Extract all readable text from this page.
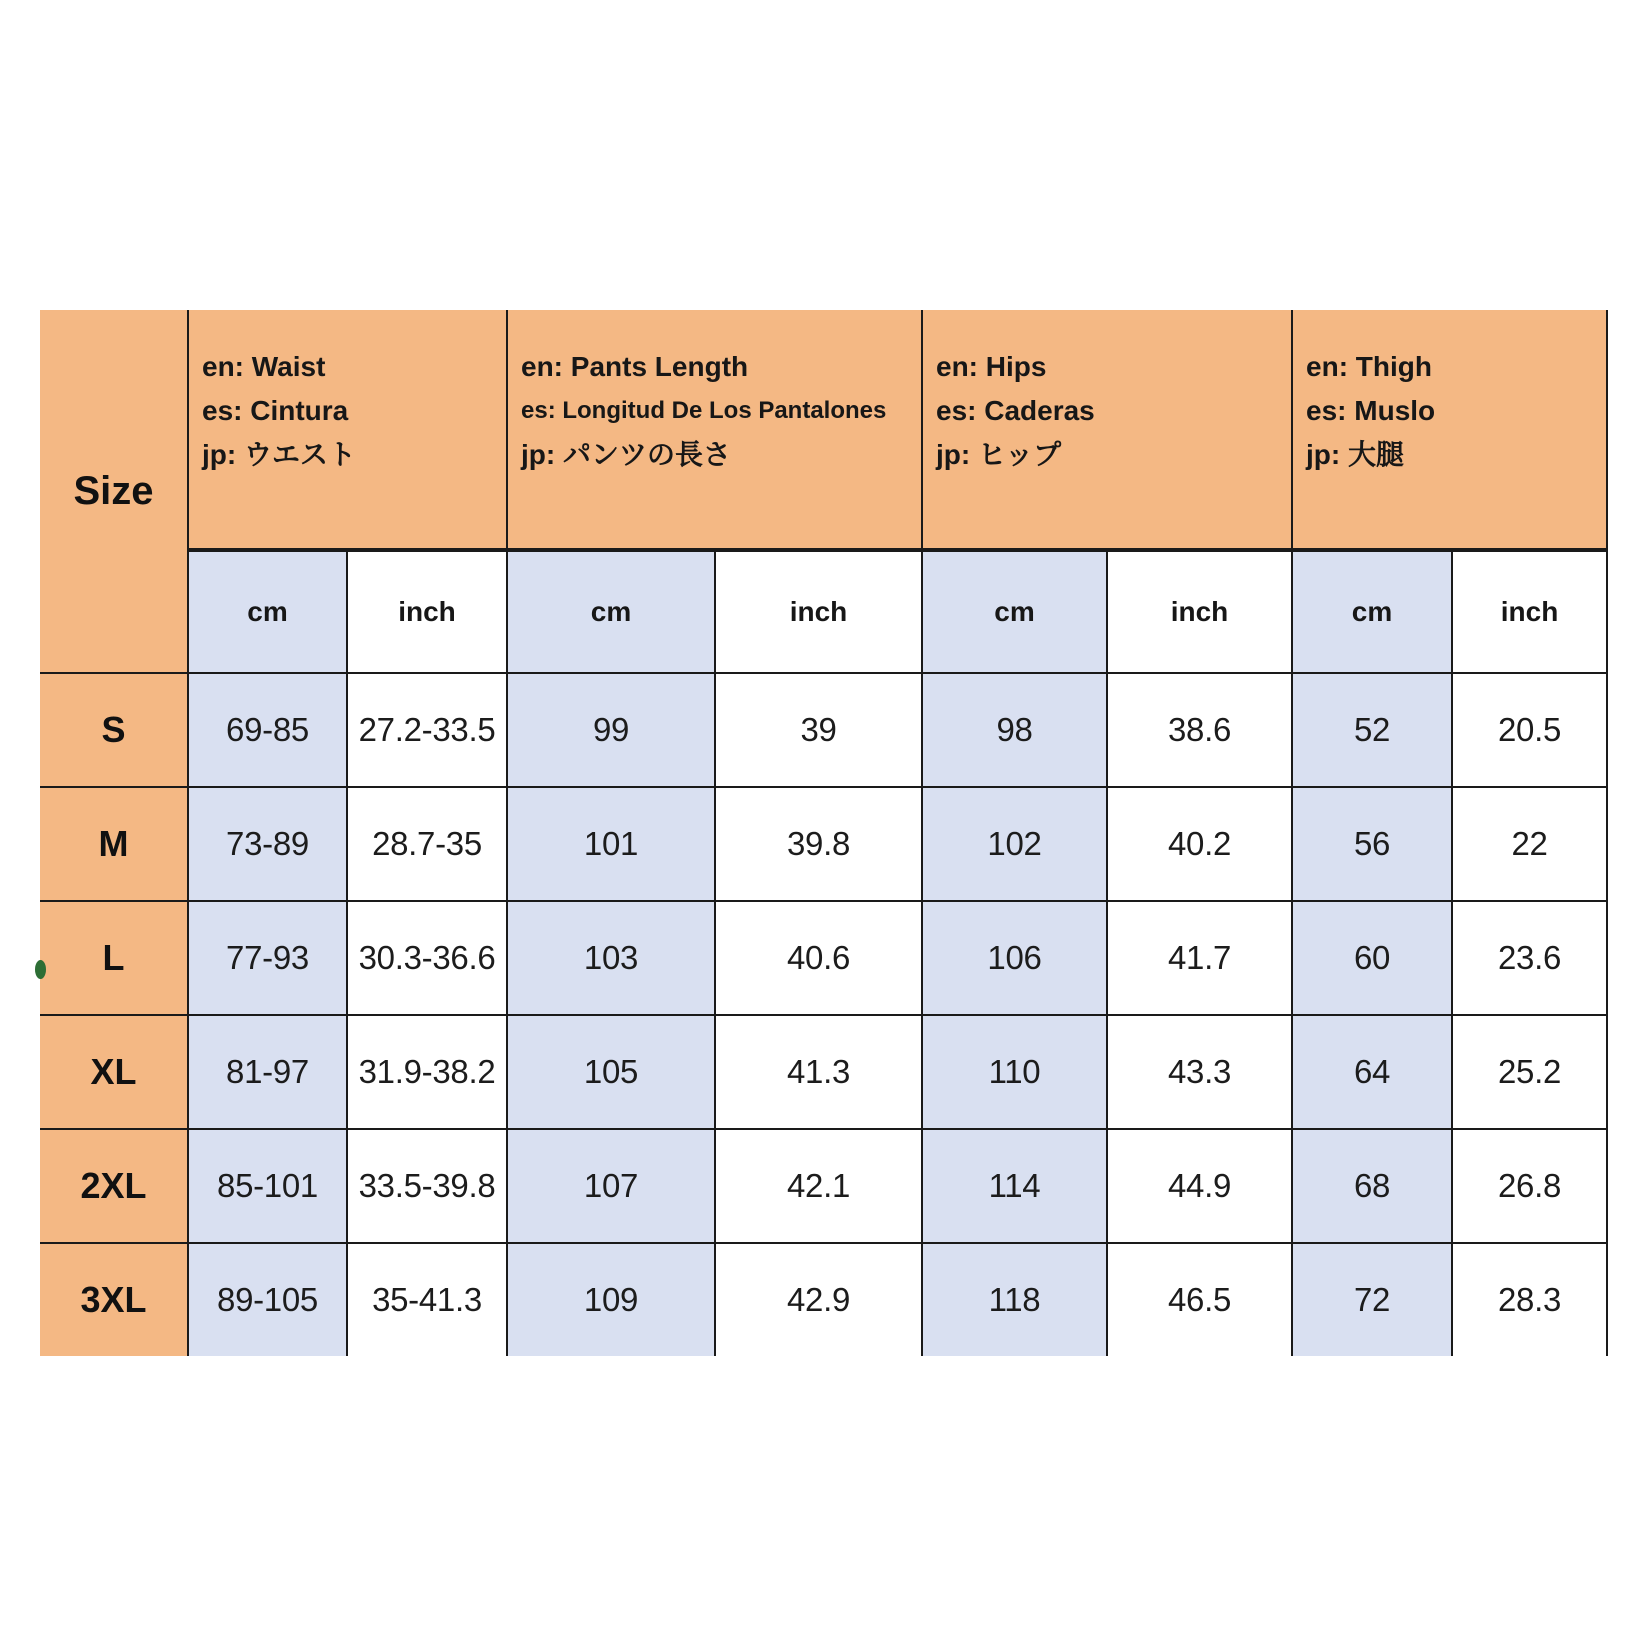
Size	en: Waist
es: Cintura
jp: ウエスト		en: Pants Length
es: Longitud De Los Pantalones
jp: パンツの長さ		en: Hips
es: Caderas
jp: ヒップ		en: Thigh
es: Muslo
jp: 大腿	

	cm	inch	cm	inch	cm	inch	cm	inch
S	69-85	27.2-33.5	99	39	98	38.6	52	20.5
M	73-89	28.7-35	101	39.8	102	40.2	56	22
L	77-93	30.3-36.6	103	40.6	106	41.7	60	23.6
XL	81-97	31.9-38.2	105	41.3	110	43.3	64	25.2
2XL	85-101	33.5-39.8	107	42.1	114	44.9	68	26.8
3XL	89-105	35-41.3	109	42.9	118	46.5	72	28.3
